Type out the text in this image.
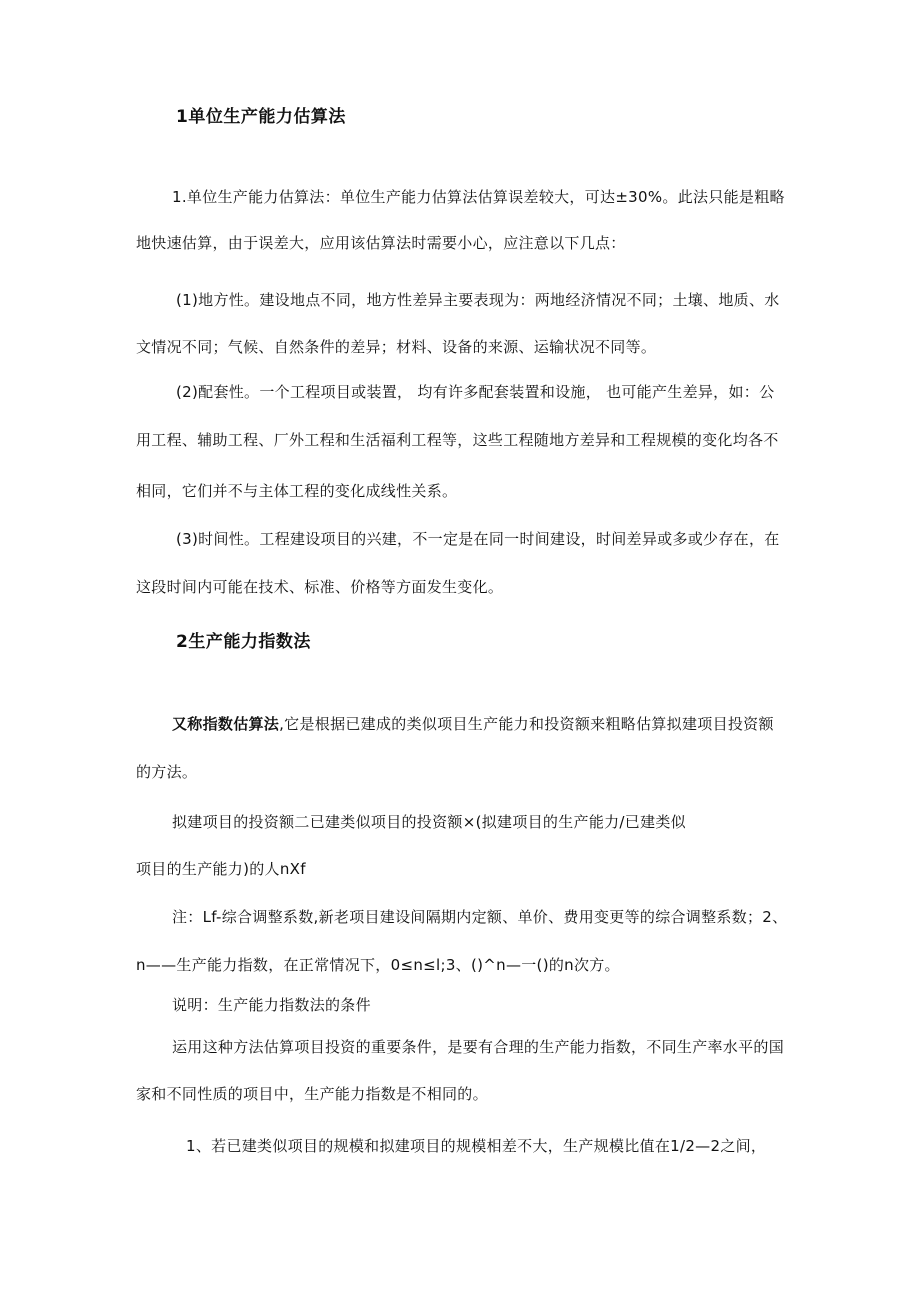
1单位生产能力估算法
1.单位生产能力估算法：单位生产能力估算法估算误差较大，可达±30%。此法只能是粗略
地快速估算，由于误差大，应用该估算法时需要小心，应注意以下几点：
(1)地方性。建设地点不同，地方性差异主要表现为：两地经济情况不同；土壤、地质、水
文情况不同；气候、自然条件的差异；材料、设备的来源、运输状况不同等。
(2)配套性。一个工程项目或装置， 均有许多配套装置和设施， 也可能产生差异，如：公
用工程、辅助工程、厂外工程和生活福利工程等，这些工程随地方差异和工程规模的变化均各不
相同，它们并不与主体工程的变化成线性关系。
(3)时间性。工程建设项目的兴建，不一定是在同一时间建设，时间差异或多或少存在，在
这段时间内可能在技术、标准、价格等方面发生变化。
2生产能力指数法
又称指数估算法,它是根据已建成的类似项目生产能力和投资额来粗略估算拟建项目投资额
的方法。
拟建项目的投资额二已建类似项目的投资额×(拟建项目的生产能力/已建类似
项目的生产能力)的人nXf
注：Lf-综合调整系数,新老项目建设间隔期内定额、单价、费用变更等的综合调整系数；2、
n——生产能力指数，在正常情况下，0≤n≤l;3、()^n—一()的n次方。
说明：生产能力指数法的条件
运用这种方法估算项目投资的重要条件，是要有合理的生产能力指数，不同生产率水平的国
家和不同性质的项目中，生产能力指数是不相同的。
1、若已建类似项目的规模和拟建项目的规模相差不大，生产规模比值在1/2—2之间，
